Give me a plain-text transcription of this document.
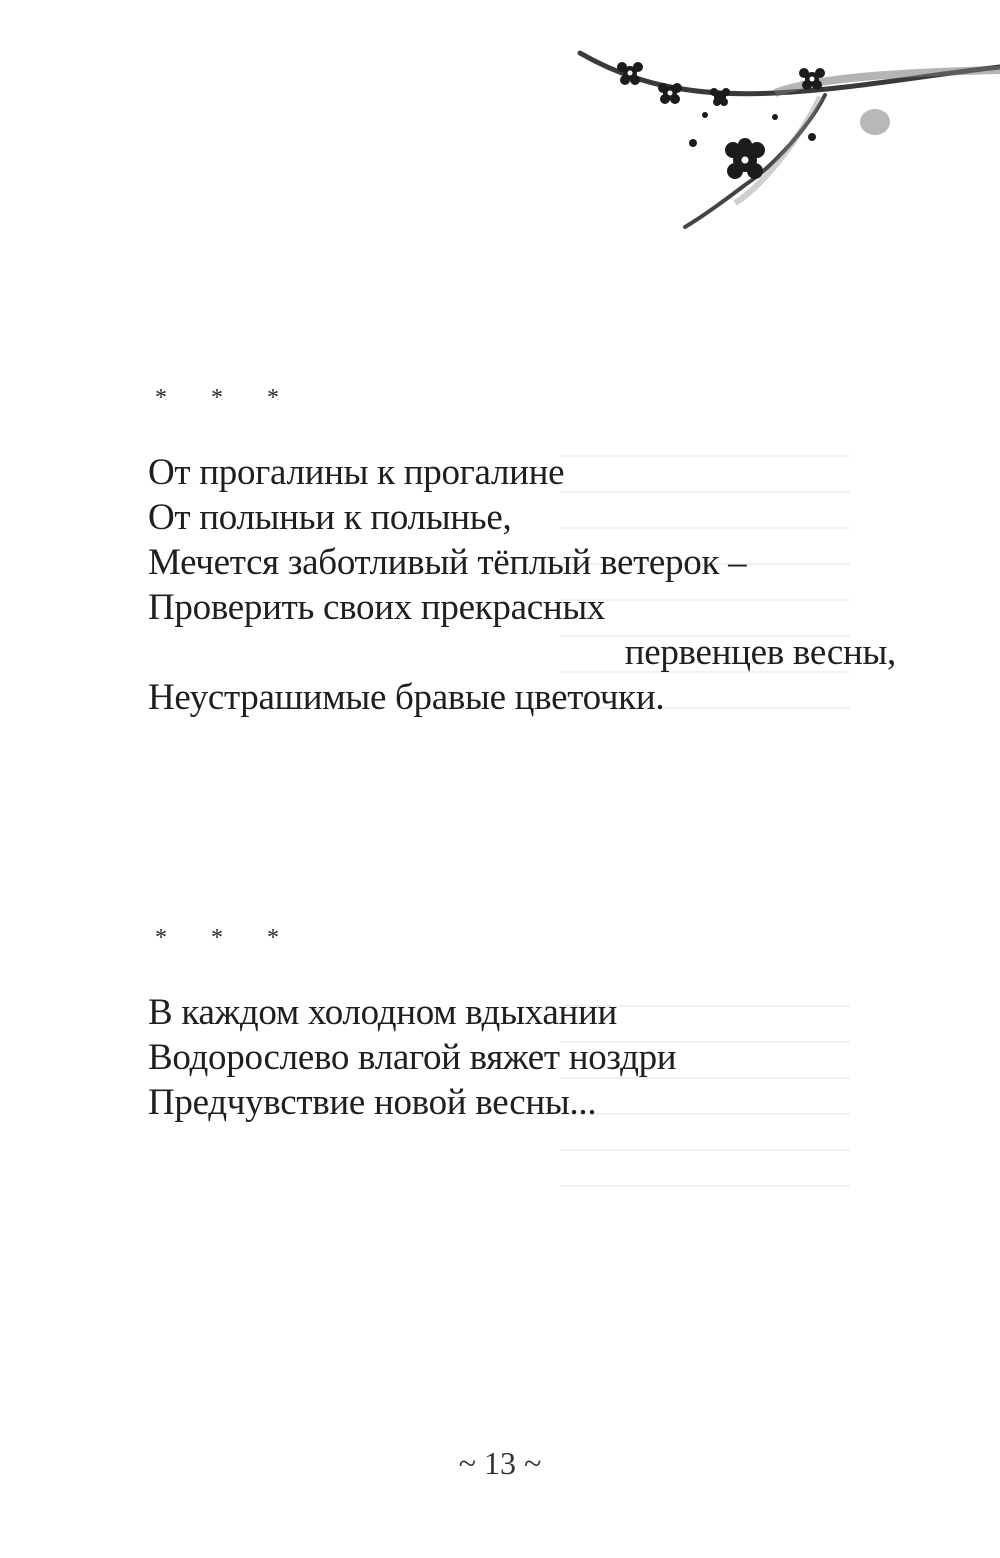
* * *
От прогалины к прогалине
От полыньи к полынье,
Мечется заботливый тёплый ветерок –
Проверить своих прекрасных
первенцев весны,
Неустрашимые бравые цветочки.
* * *
В каждом холодном вдыхании
Водорослево влагой вяжет ноздри
Предчувствие новой весны...
~ 13 ~
